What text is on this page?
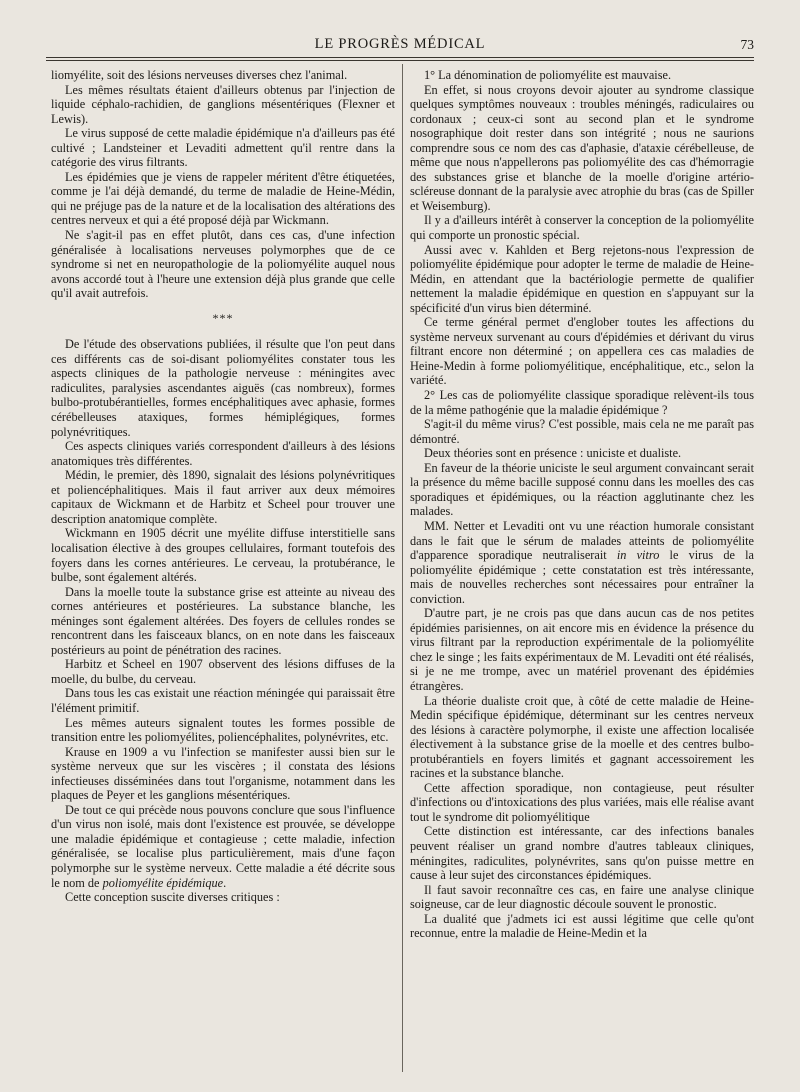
LE PROGRÈS MÉDICAL	73

liomyélite, soit des lésions nerveuses diverses chez l'animal.

Les mêmes résultats étaient d'ailleurs obtenus par l'injection de liquide céphalo-rachidien, de ganglions mésentériques (Flexner et Lewis).

Le virus supposé de cette maladie épidémique n'a d'ailleurs pas été cultivé ; Landsteiner et Levaditi admettent qu'il rentre dans la catégorie des virus filtrants.

Les épidémies que je viens de rappeler méritent d'être étiquetées, comme je l'ai déjà demandé, du terme de maladie de Heine-Médin, qui ne préjuge pas de la nature et de la localisation des altérations des centres nerveux et qui a été proposé déjà par Wickmann.

Ne s'agit-il pas en effet plutôt, dans ces cas, d'une infection généralisée à localisations nerveuses polymorphes que de ce syndrome si net en neuropathologie de la poliomyélite auquel nous avons accordé tout à l'heure une extension déjà plus grande que celle qu'il avait autrefois.

***

De l'étude des observations publiées, il résulte que l'on peut dans ces différents cas de soi-disant poliomyélites constater tous les aspects cliniques de la pathologie nerveuse : méningites avec radiculites, paralysies ascendantes aiguës (cas nombreux), formes bulbo-protubérantielles, formes encéphalitiques avec aphasie, formes cérébelleuses ataxiques, formes hémiplégiques, formes polynévritiques.

Ces aspects cliniques variés correspondent d'ailleurs à des lésions anatomiques très différentes.

Médin, le premier, dès 1890, signalait des lésions polynévritiques et poliencéphalitiques. Mais il faut arriver aux deux mémoires capitaux de Wickmann et de Harbitz et Scheel pour trouver une description anatomique complète.

Wickmann en 1905 décrit une myélite diffuse interstitielle sans localisation élective à des groupes cellulaires, formant toutefois des foyers dans les cornes antérieures. Le cerveau, la protubérance, le bulbe, sont également altérés.

Dans la moelle toute la substance grise est atteinte au niveau des cornes antérieures et postérieures. La substance blanche, les méninges sont également altérées. Des foyers de cellules rondes se rencontrent dans les faisceaux blancs, on en note dans les faisceaux postérieurs au point de pénétration des racines.

Harbitz et Scheel en 1907 observent des lésions diffuses de la moelle, du bulbe, du cerveau.

Dans tous les cas existait une réaction méningée qui paraissait être l'élément primitif.

Les mêmes auteurs signalent toutes les formes possible de transition entre les poliomyélites, poliencéphalites, polynévrites, etc.

Krause en 1909 a vu l'infection se manifester aussi bien sur le système nerveux que sur les viscères ; il constata des lésions infectieuses disséminées dans tout l'organisme, notamment dans les plaques de Peyer et les ganglions mésentériques.

De tout ce qui précède nous pouvons conclure que sous l'influence d'un virus non isolé, mais dont l'existence est prouvée, se développe une maladie épidémique et contagieuse ; cette maladie, infection généralisée, se localise plus particulièrement, mais d'une façon polymorphe sur le système nerveux. Cette maladie a été décrite sous le nom de poliomyélite épidémique.

Cette conception suscite diverses critiques :

1° La dénomination de poliomyélite est mauvaise.

En effet, si nous croyons devoir ajouter au syndrome classique quelques symptômes nouveaux : troubles méningés, radiculaires ou cordonaux ; ceux-ci sont au second plan et le syndrome nosographique doit rester dans son intégrité ; nous ne saurions comprendre sous ce nom des cas d'aphasie, d'ataxie cérébelleuse, de même que nous n'appellerons pas poliomyélite des cas d'hémorragie des substances grise et blanche de la moelle d'origine artério-scléreuse donnant de la paralysie avec atrophie du bras (cas de Spiller et Weisemburg).

Il y a d'ailleurs intérêt à conserver la conception de la poliomyélite qui comporte un pronostic spécial.

Aussi avec v. Kahlden et Berg rejetons-nous l'expression de poliomyélite épidémique pour adopter le terme de maladie de Heine-Médin, en attendant que la bactériologie permette de qualifier nettement la maladie épidémique en question en s'appuyant sur la spécificité d'un virus bien déterminé.

Ce terme général permet d'englober toutes les affections du système nerveux survenant au cours d'épidémies et dérivant du virus filtrant encore non déterminé ; on appellera ces cas maladies de Heine-Medin à forme poliomyélitique, encéphalitique, etc., selon la variété.

2° Les cas de poliomyélite classique sporadique relèvent-ils tous de la même pathogénie que la maladie épidémique ?

S'agit-il du même virus? C'est possible, mais cela ne me paraît pas démontré.

Deux théories sont en présence : uniciste et dualiste.

En faveur de la théorie uniciste le seul argument convaincant serait la présence du même bacille supposé connu dans les moelles des cas sporadiques et épidémiques, ou la réaction agglutinante chez les malades.

MM. Netter et Levaditi ont vu une réaction humorale consistant dans le fait que le sérum de malades atteints de poliomyélite d'apparence sporadique neutraliserait in vitro le virus de la poliomyélite épidémique ; cette constatation est très intéressante, mais de nouvelles recherches sont nécessaires pour entraîner la conviction.

D'autre part, je ne crois pas que dans aucun cas de nos petites épidémies parisiennes, on ait encore mis en évidence la présence du virus filtrant par la reproduction expérimentale de la poliomyélite chez le singe ; les faits expérimentaux de M. Levaditi ont été réalisés, si je ne me trompe, avec un matériel provenant des épidémies étrangères.

La théorie dualiste croit que, à côté de cette maladie de Heine-Medin spécifique épidémique, déterminant sur les centres nerveux des lésions à caractère polymorphe, il existe une affection localisée électivement à la substance grise de la moelle et des centres bulbo-protubérantiels en foyers limités et gagnant accessoirement les racines et la substance blanche.

Cette affection sporadique, non contagieuse, peut résulter d'infections ou d'intoxications des plus variées, mais elle réalise avant tout le syndrome dit poliomyélitique

Cette distinction est intéressante, car des infections banales peuvent réaliser un grand nombre d'autres tableaux cliniques, méningites, radiculites, polynévrites, sans qu'on puisse mettre en cause à leur sujet des circonstances épidémiques.

Il faut savoir reconnaître ces cas, en faire une analyse clinique soigneuse, car de leur diagnostic découle souvent le pronostic.

La dualité que j'admets ici est aussi légitime que celle qu'ont reconnue, entre la maladie de Heine-Medin et la
